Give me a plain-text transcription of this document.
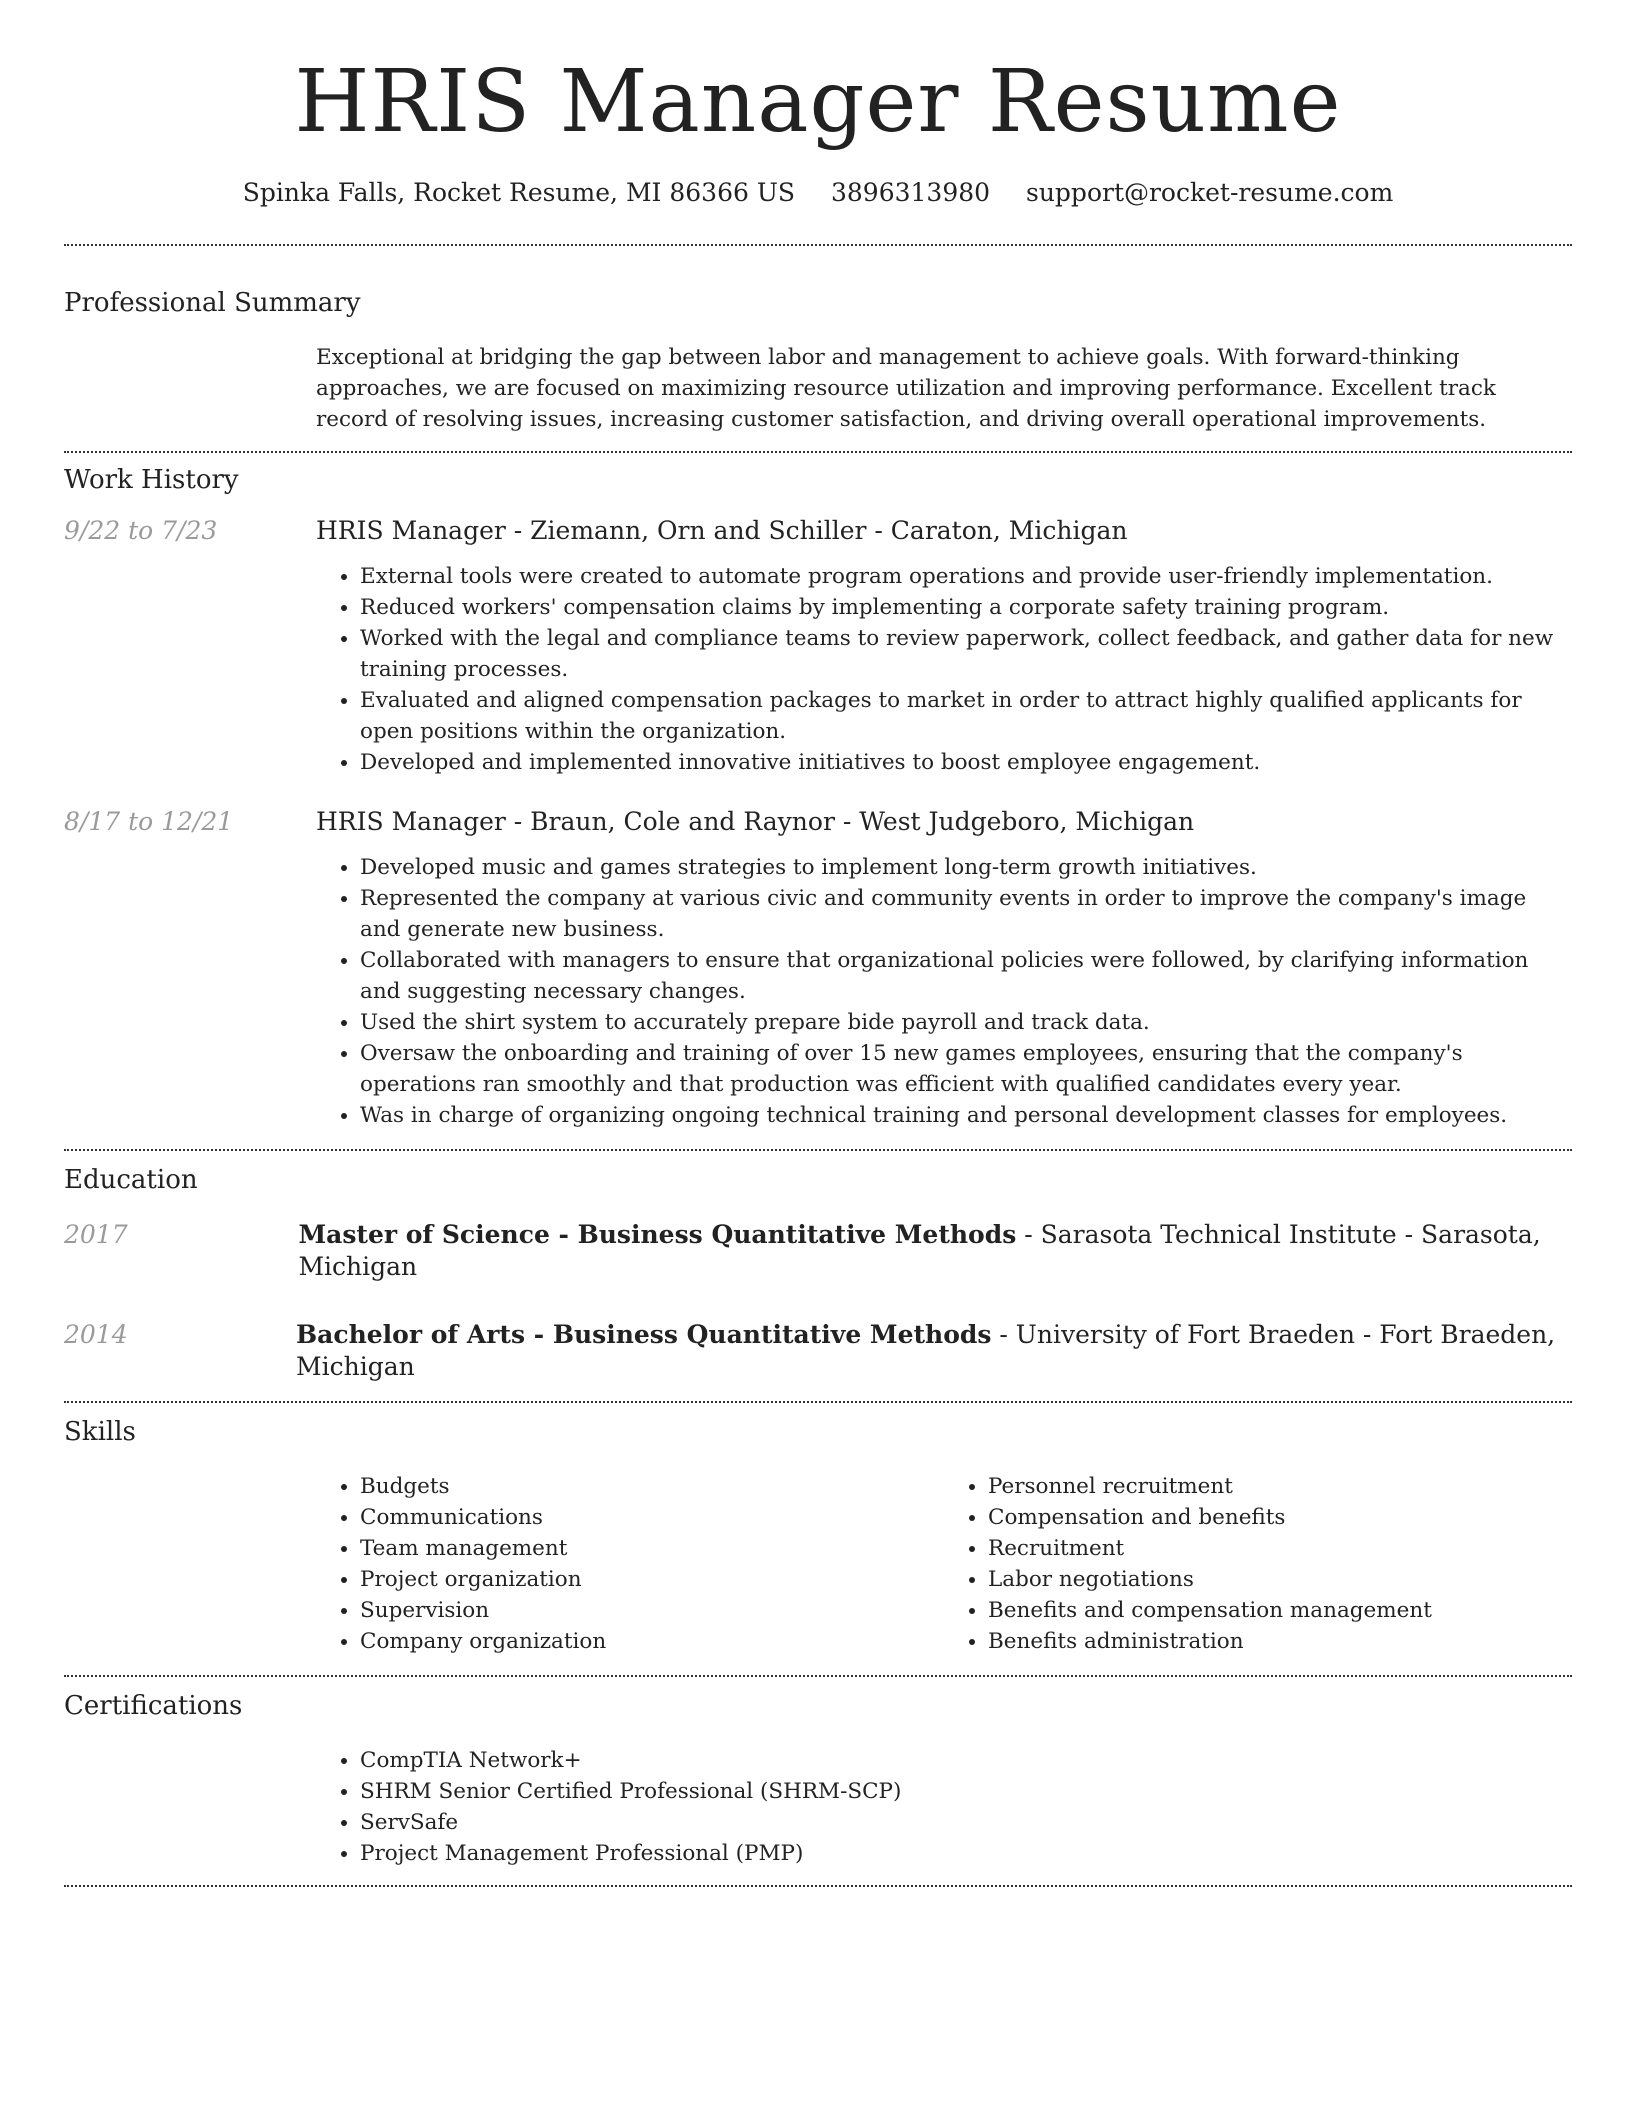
HRIS Manager Resume
Spinka Falls, Rocket Resume, MI 86366 US 3896313980 support@rocket-resume.com
Professional Summary

Exceptional at bridging the gap between labor and management to achieve goals. With forward-thinking approaches, we are focused on maximizing resource utilization and improving performance. Excellent track record of resolving issues, increasing customer satisfaction, and driving overall operational improvements.

Work History
9/22 to 7/23	HRIS Manager - Ziemann, Orn and Schiller - Caraton, Michigan
• External tools were created to automate program operations and provide user-friendly implementation.
• Reduced workers' compensation claims by implementing a corporate safety training program.
• Worked with the legal and compliance teams to review paperwork, collect feedback, and gather data for new training processes.
• Evaluated and aligned compensation packages to market in order to attract highly qualified applicants for open positions within the organization.
• Developed and implemented innovative initiatives to boost employee engagement.
8/17 to 12/21	HRIS Manager - Braun, Cole and Raynor - West Judgeboro, Michigan
• Developed music and games strategies to implement long-term growth initiatives.
• Represented the company at various civic and community events in order to improve the company's image and generate new business.
• Collaborated with managers to ensure that organizational policies were followed, by clarifying information and suggesting necessary changes.
• Used the shirt system to accurately prepare bide payroll and track data.
• Oversaw the onboarding and training of over 15 new games employees, ensuring that the company's operations ran smoothly and that production was efficient with qualified candidates every year.
• Was in charge of organizing ongoing technical training and personal development classes for employees.
Education
2017	Master of Science - Business Quantitative Methods - Sarasota Technical Institute - Sarasota, Michigan
2014	Bachelor of Arts - Business Quantitative Methods - University of Fort Braeden - Fort Braeden, Michigan
Skills
• Budgets
• Communications
• Team management
• Project organization
• Supervision
• Company organization
• Personnel recruitment
• Compensation and benefits
• Recruitment
• Labor negotiations
• Benefits and compensation management
• Benefits administration
Certifications
• CompTIA Network+
• SHRM Senior Certified Professional (SHRM-SCP)
• ServSafe
• Project Management Professional (PMP)
